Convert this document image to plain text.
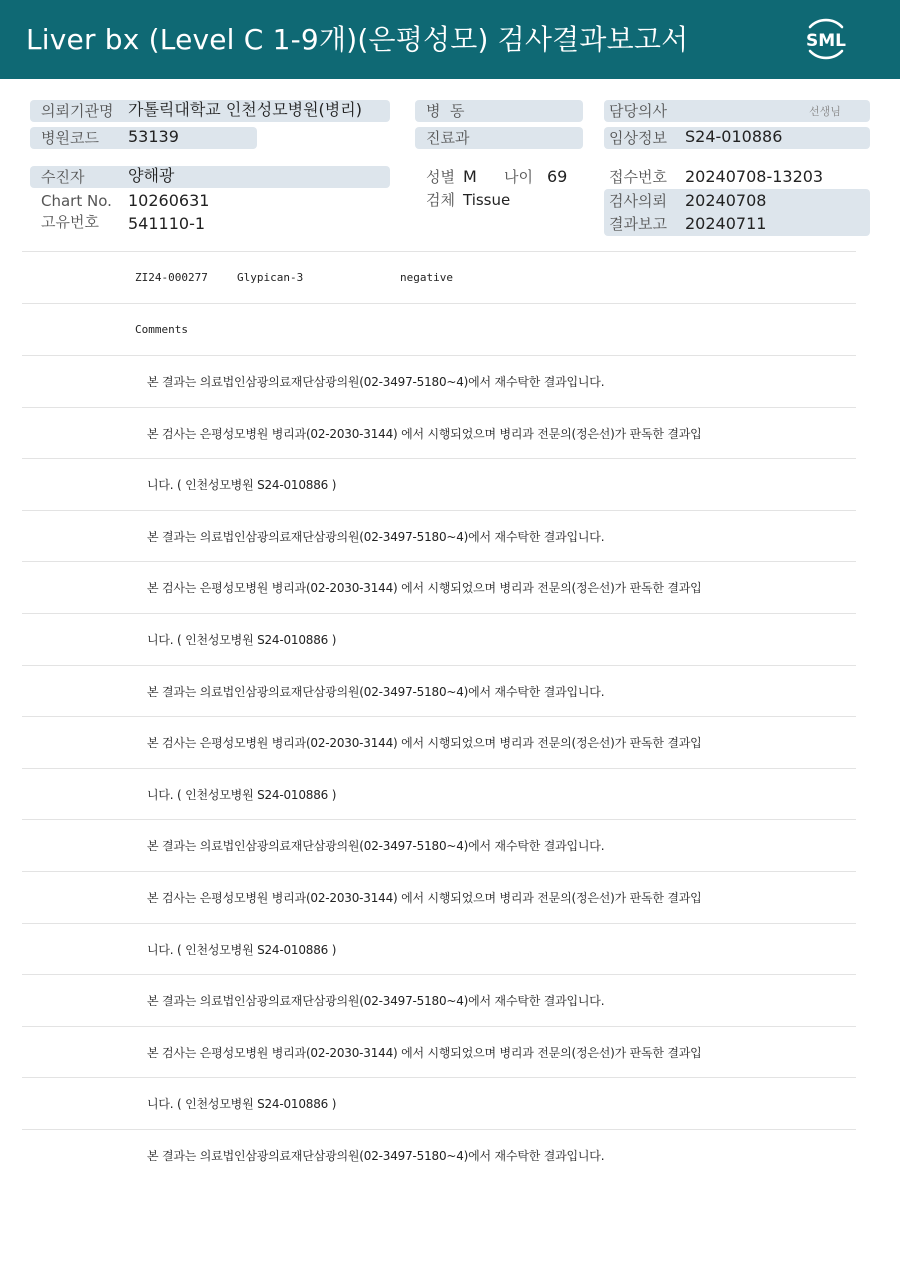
Liver bx (Level C 1-9개)(은평성모) 검사결과보고서	SML
의뢰기관명 가톨릭대학교 인천성모병원(병리)
병원코드 53139
수진자	양해광
Chart No. 10260631
고유번호 541110-1
병  동
진료과
성별 M 나이 69
검체 Tissue
담당의사	선생님
임상정보 S24-010886
접수번호 20240708-13203
검사의뢰 20240708
결과보고 20240711
ZI24-000277	Glypican-3	negative
Comments
본 결과는 의료법인삼광의료재단삼광의원(02-3497-5180~4)에서 재수탁한 결과입니다.
본 검사는 은평성모병원 병리과(02-2030-3144) 에서 시행되었으며 병리과 전문의(정은선)가 판독한 결과입
니다. ( 인천성모병원 S24-010886 )
본 결과는 의료법인삼광의료재단삼광의원(02-3497-5180~4)에서 재수탁한 결과입니다.
본 검사는 은평성모병원 병리과(02-2030-3144) 에서 시행되었으며 병리과 전문의(정은선)가 판독한 결과입
니다. ( 인천성모병원 S24-010886 )
본 결과는 의료법인삼광의료재단삼광의원(02-3497-5180~4)에서 재수탁한 결과입니다.
본 검사는 은평성모병원 병리과(02-2030-3144) 에서 시행되었으며 병리과 전문의(정은선)가 판독한 결과입
니다. ( 인천성모병원 S24-010886 )
본 결과는 의료법인삼광의료재단삼광의원(02-3497-5180~4)에서 재수탁한 결과입니다.
본 검사는 은평성모병원 병리과(02-2030-3144) 에서 시행되었으며 병리과 전문의(정은선)가 판독한 결과입
니다. ( 인천성모병원 S24-010886 )
본 결과는 의료법인삼광의료재단삼광의원(02-3497-5180~4)에서 재수탁한 결과입니다.
본 검사는 은평성모병원 병리과(02-2030-3144) 에서 시행되었으며 병리과 전문의(정은선)가 판독한 결과입
니다. ( 인천성모병원 S24-010886 )
본 결과는 의료법인삼광의료재단삼광의원(02-3497-5180~4)에서 재수탁한 결과입니다.
